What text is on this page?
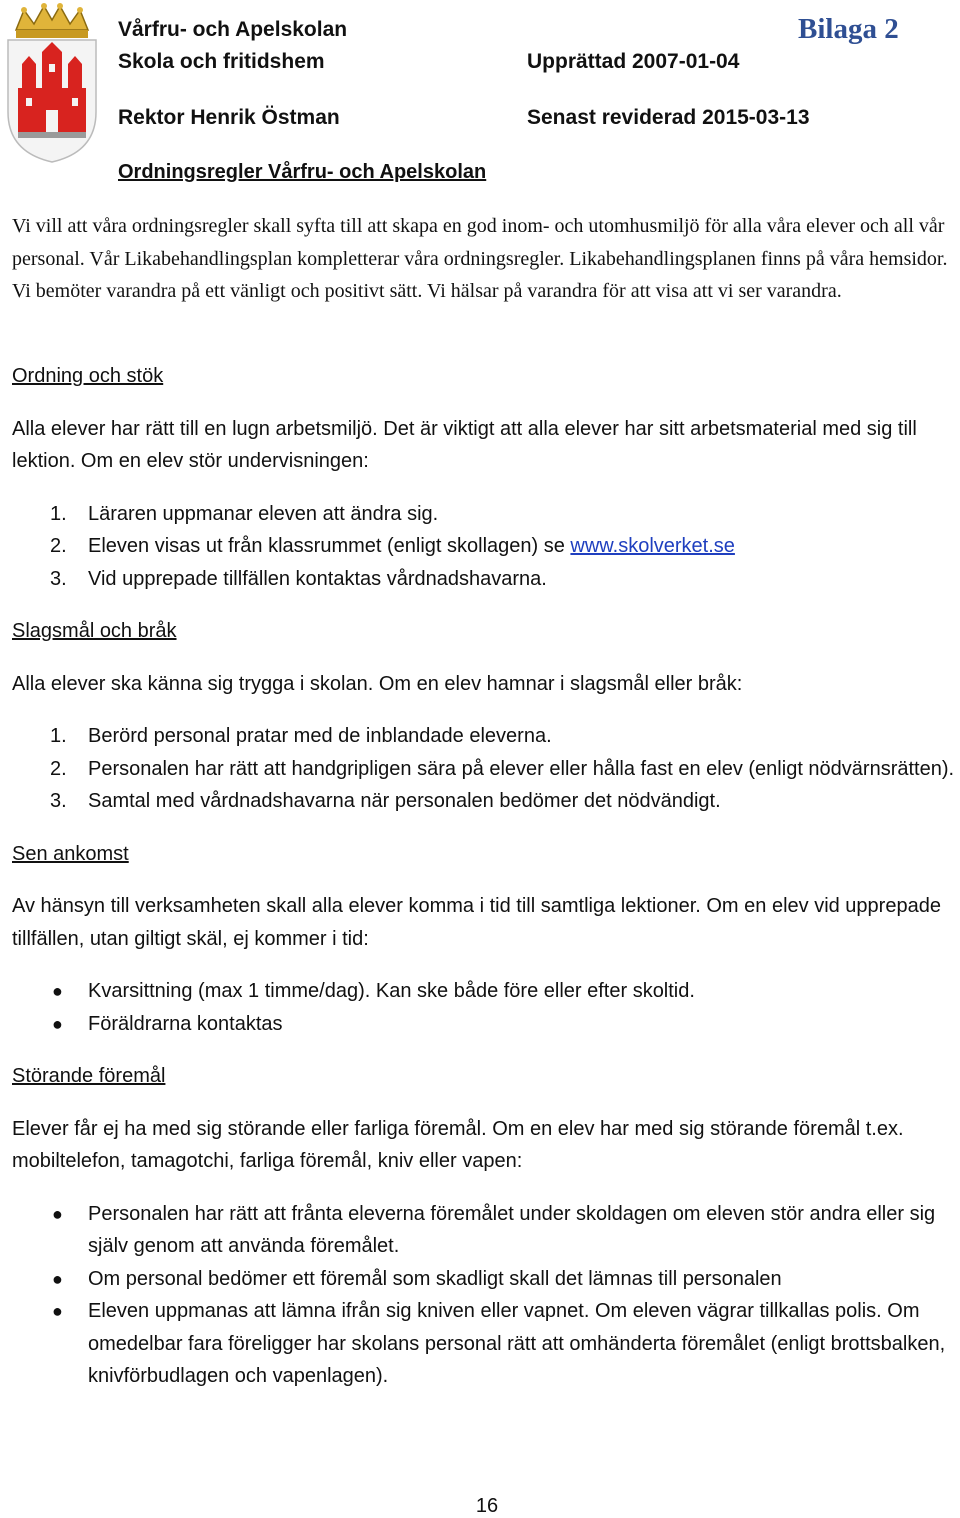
Vårfru- och Apelskolan
Skola och fritidshem
Rektor Henrik Östman
Upprättad 2007-01-04
Senast reviderad 2015-03-13
Bilaga 2
Ordningsregler Vårfru- och Apelskolan
Vi vill att våra ordningsregler skall syfta till att skapa en god inom- och utomhusmiljö för alla våra elever och all vår personal. Vår Likabehandlingsplan kompletterar våra ordningsregler. Likabehandlingsplanen finns på våra hemsidor. Vi bemöter varandra på ett vänligt och positivt sätt. Vi hälsar på varandra för att visa att vi ser varandra.

Ordning och stök

Alla elever har rätt till en lugn arbetsmiljö. Det är viktigt att alla elever har sitt arbetsmaterial med sig till lektion. Om en elev stör undervisningen:

1. Läraren uppmanar eleven att ändra sig.
2. Eleven visas ut från klassrummet (enligt skollagen) se www.skolverket.se
3. Vid upprepade tillfällen kontaktas vårdnadshavarna.

Slagsmål och bråk

Alla elever ska känna sig trygga i skolan. Om en elev hamnar i slagsmål eller bråk:

1. Berörd personal pratar med de inblandade eleverna.
2. Personalen har rätt att handgripligen sära på elever eller hålla fast en elev (enligt nödvärnsrätten).
3. Samtal med vårdnadshavarna när personalen bedömer det nödvändigt.

Sen ankomst

Av hänsyn till verksamheten skall alla elever komma i tid till samtliga lektioner. Om en elev vid upprepade tillfällen, utan giltigt skäl, ej kommer i tid:

● Kvarsittning (max 1 timme/dag). Kan ske både före eller efter skoltid.
● Föräldrarna kontaktas

Störande föremål

Elever får ej ha med sig störande eller farliga föremål. Om en elev har med sig störande föremål t.ex. mobiltelefon, tamagotchi, farliga föremål, kniv eller vapen:

● Personalen har rätt att frånta eleverna föremålet under skoldagen om eleven stör andra eller sig själv genom att använda föremålet.
● Om personal bedömer ett föremål som skadligt skall det lämnas till personalen
● Eleven uppmanas att lämna ifrån sig kniven eller vapnet. Om eleven vägrar tillkallas polis. Om omedelbar fara föreligger har skolans personal rätt att omhänderta föremålet (enligt brottsbalken, knivförbudlagen och vapenlagen).
16
